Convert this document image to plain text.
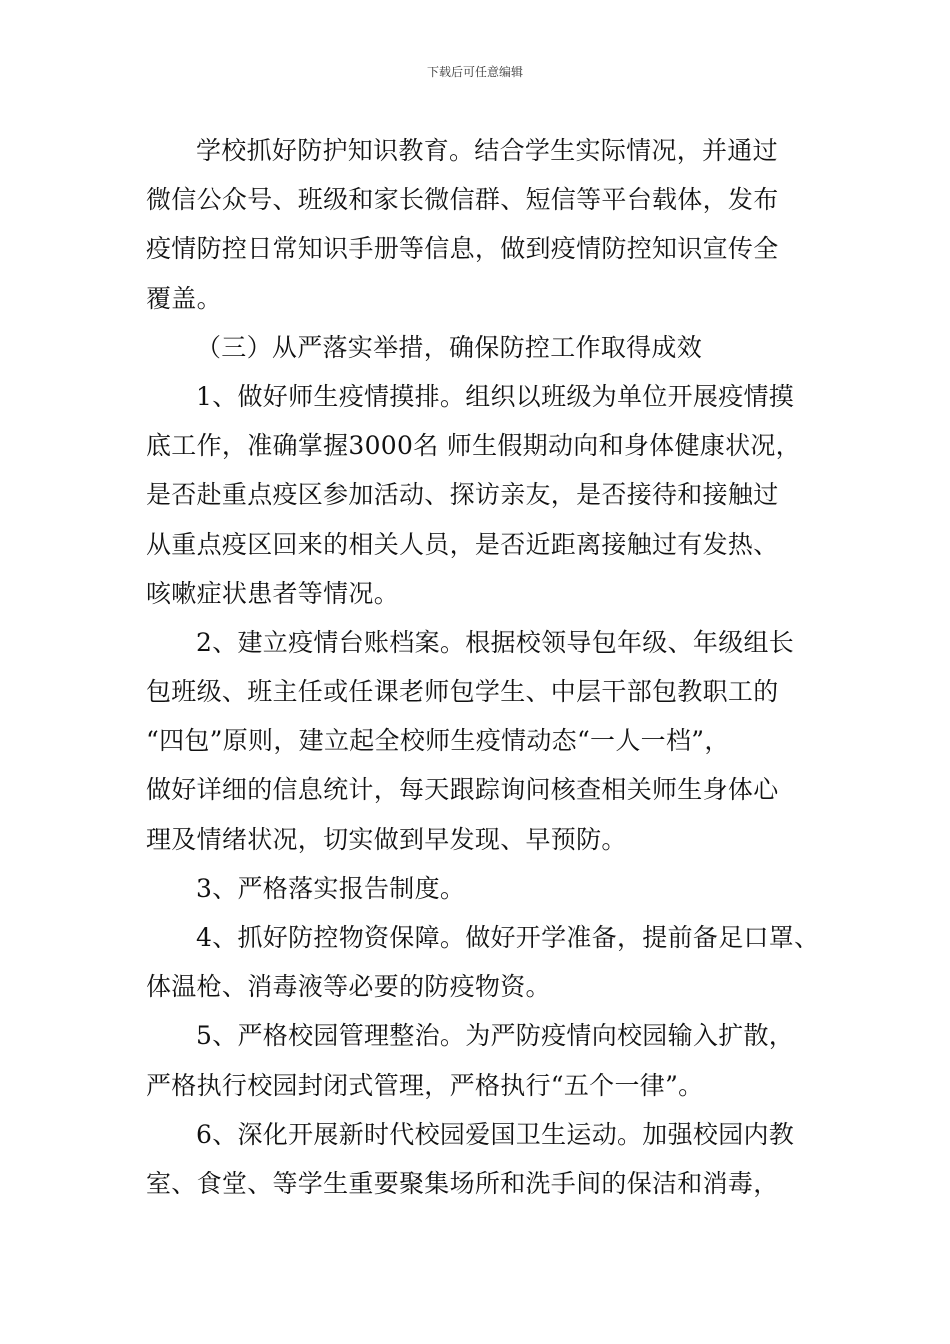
下载后可任意编辑
学校抓好防护知识教育。结合学生实际情况，并通过
微信公众号、班级和家长微信群、短信等平台载体，发布
疫情防控日常知识手册等信息，做到疫情防控知识宣传全
覆盖。
（三）从严落实举措，确保防控工作取得成效
1、做好师生疫情摸排。组织以班级为单位开展疫情摸
底工作，准确掌握3000名 师生假期动向和身体健康状况，
是否赴重点疫区参加活动、探访亲友，是否接待和接触过
从重点疫区回来的相关人员，是否近距离接触过有发热、
咳嗽症状患者等情况。
2、建立疫情台账档案。根据校领导包年级、年级组长
包班级、班主任或任课老师包学生、中层干部包教职工的
“四包”原则，建立起全校师生疫情动态“一人一档”，
做好详细的信息统计，每天跟踪询问核查相关师生身体心
理及情绪状况，切实做到早发现、早预防。
3、严格落实报告制度。
4、抓好防控物资保障。做好开学准备，提前备足口罩、
体温枪、消毒液等必要的防疫物资。
5、严格校园管理整治。为严防疫情向校园输入扩散，
严格执行校园封闭式管理，严格执行“五个一律”。
6、深化开展新时代校园爱国卫生运动。加强校园内教
室、食堂、等学生重要聚集场所和洗手间的保洁和消毒，
